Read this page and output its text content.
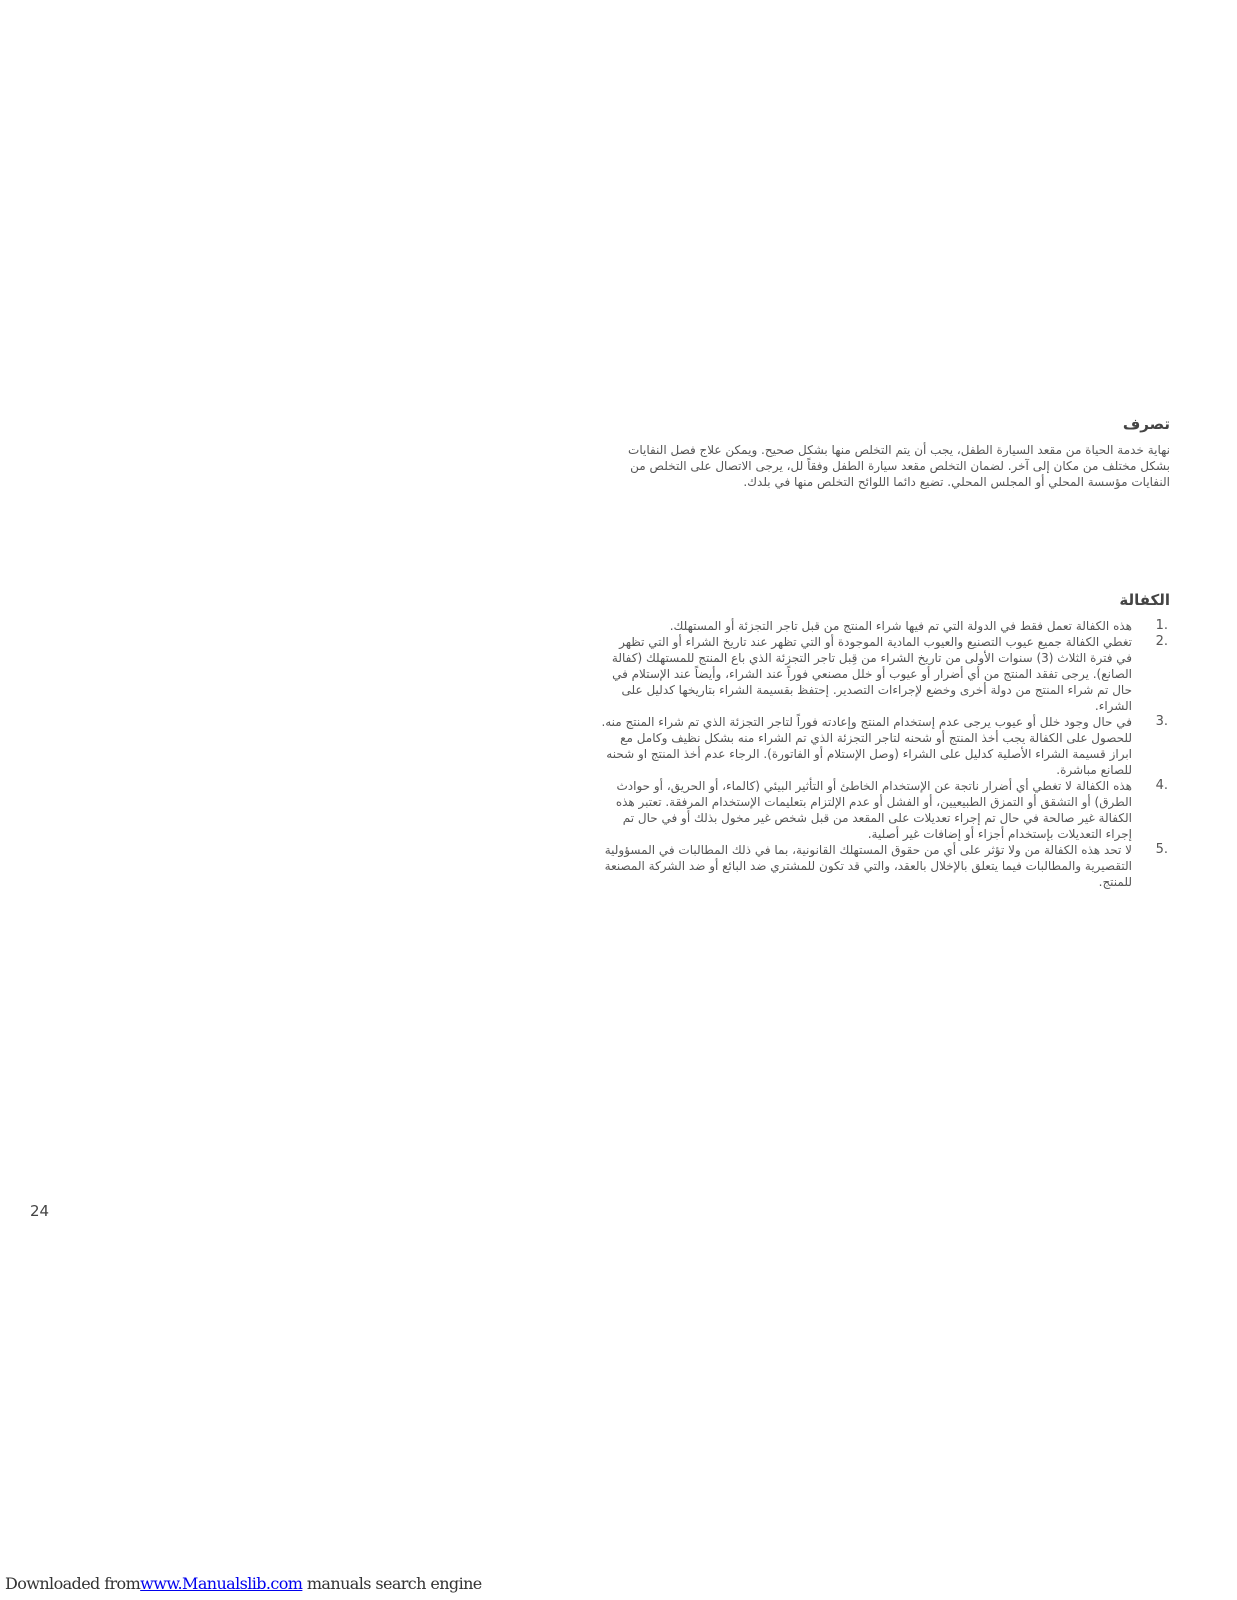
تصرف

نهاية خدمة الحياة من مقعد السيارة الطفل، يجب أن يتم التخلص منها بشكل صحيح. ويمكن علاج فصل النفايات بشكل مختلف من مكان إلى آخر. لضمان التخلص مقعد سيارة الطفل وفقاً لل، يرجى الاتصال على التخلص من النفايات مؤسسة المحلي أو المجلس المحلي. تضيع دائما اللوائح التخلص منها في بلدك.

الكفالة
1.
هذه الكفالة تعمل فقط في الدولة التي تم فيها شراء المنتج من قبل تاجر التجزئة أو المستهلك.
2.
تغطي الكفالة جميع عيوب التصنيع والعيوب المادية الموجودة أو التي تظهر عند تاريخ الشراء أو التي تظهر في فترة الثلاث (3) سنوات الأولى من تاريخ الشراء من قِبل تاجر التجزئة الذي باع المنتج للمستهلك (كفالة الصانع). يرجى تفقد المنتج من أي أضرار أو عيوب أو خلل مصنعي فوراً عند الشراء، وأيضاً عند الإستلام في حال تم شراء المنتج من دولة أخرى وخضع لإجراءات التصدير. إحتفظ بقسيمة الشراء بتاريخها كدليل على الشراء.
3.
في حال وجود خلل أو عيوب يرجى عدم إستخدام المنتج وإعادته فوراً لتاجر التجزئة الذي تم شراء المنتج منه. للحصول على الكفالة يجب أخذ المنتج أو شحنه لتاجر التجزئة الذي تم الشراء منه بشكل نظيف وكامل مع ابراز قسيمة الشراء الأصلية كدليل على الشراء (وصل الإستلام أو الفاتورة). الرجاء عدم أخذ المنتج او شحنه للصانع مباشرة.
4.
هذه الكفالة لا تغطي أي أضرار ناتجة عن الإستخدام الخاطئ أو التأثير البيئي (كالماء، أو الحريق، أو حوادث الطرق) أو التشقق أو التمزق الطبيعيين، أو الفشل أو عدم الإلتزام بتعليمات الإستخدام المرفقة. تعتبر هذه الكفالة غير صالحة في حال تم إجراء تعديلات على المقعد من قبل شخص غير مخول بذلك أو في حال تم إجراء التعديلات بإستخدام أجزاء أو إضافات غير أصلية.
5.
لا تحد هذه الكفالة من ولا تؤثر على أي من حقوق المستهلك القانونية، بما في ذلك المطالبات في المسؤولية التقصيرية والمطالبات فيما يتعلق بالإخلال بالعقد، والتي قد تكون للمشتري ضد البائع أو ضد الشركة المصنعة للمنتج.
24
Downloaded fromwww.Manualslib.com manuals search engine
